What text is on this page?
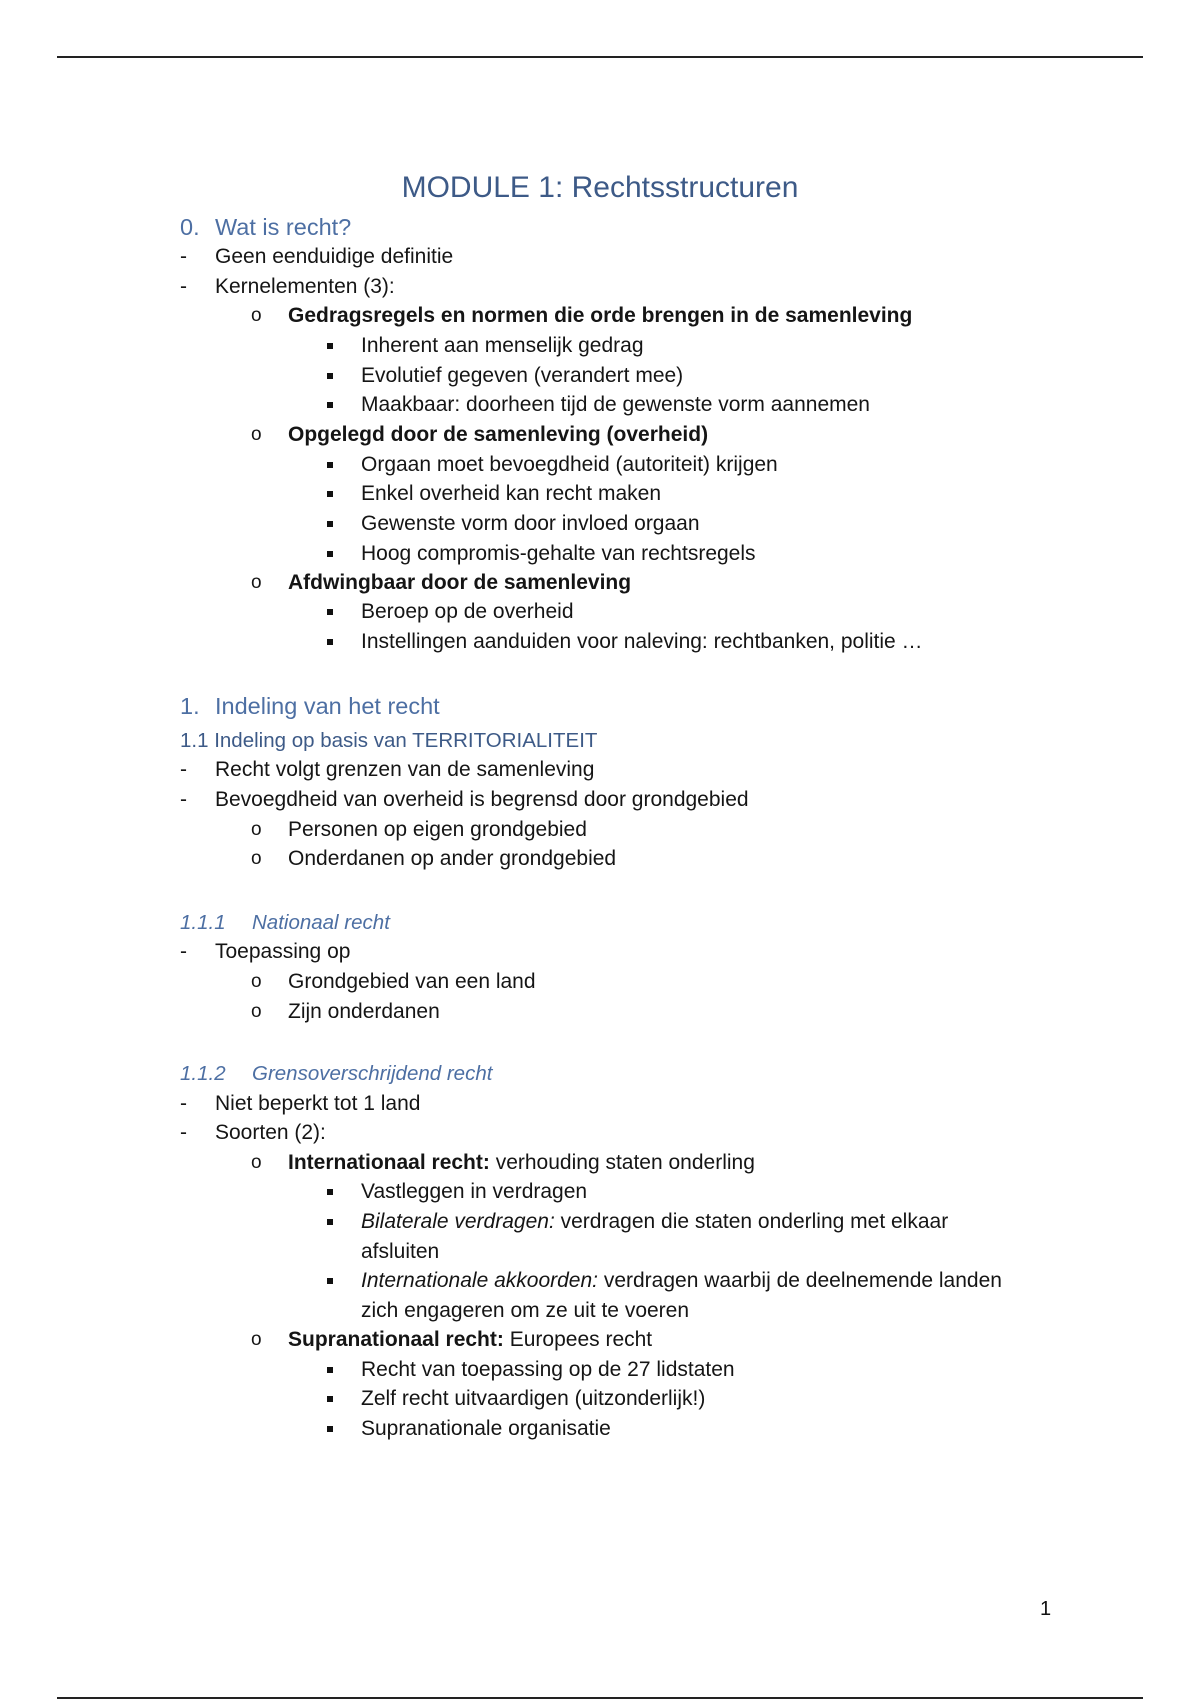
MODULE 1: Rechtsstructuren
0. Wat is recht?
- Geen eenduidige definitie
- Kernelementen (3):
o Gedragsregels en normen die orde brengen in de samenleving
Inherent aan menselijk gedrag
Evolutief gegeven (verandert mee)
Maakbaar: doorheen tijd de gewenste vorm aannemen
o Opgelegd door de samenleving (overheid)
Orgaan moet bevoegdheid (autoriteit) krijgen
Enkel overheid kan recht maken
Gewenste vorm door invloed orgaan
Hoog compromis-gehalte van rechtsregels
o Afdwingbaar door de samenleving
Beroep op de overheid
Instellingen aanduiden voor naleving: rechtbanken, politie …
1. Indeling van het recht
1.1 Indeling op basis van TERRITORIALITEIT
- Recht volgt grenzen van de samenleving
- Bevoegdheid van overheid is begrensd door grondgebied
o Personen op eigen grondgebied
o Onderdanen op ander grondgebied
1.1.1 Nationaal recht
- Toepassing op
o Grondgebied van een land
o Zijn onderdanen
1.1.2 Grensoverschrijdend recht
- Niet beperkt tot 1 land
- Soorten (2):
o Internationaal recht: verhouding staten onderling
Vastleggen in verdragen
Bilaterale verdragen: verdragen die staten onderling met elkaar
afsluiten
Internationale akkoorden: verdragen waarbij de deelnemende landen
zich engageren om ze uit te voeren
o Supranationaal recht: Europees recht
Recht van toepassing op de 27 lidstaten
Zelf recht uitvaardigen (uitzonderlijk!)
Supranationale organisatie
1
